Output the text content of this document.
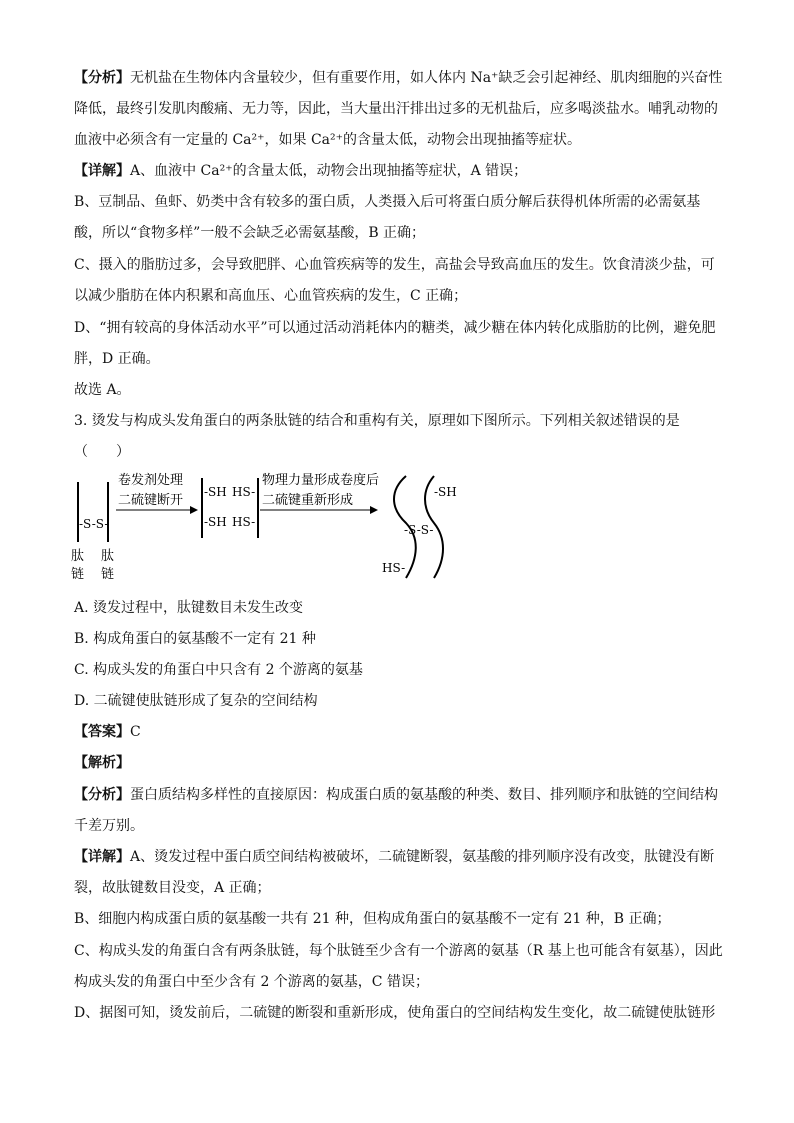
【分析】无机盐在生物体内含量较少，但有重要作用，如人体内 Na⁺缺乏会引起神经、肌肉细胞的兴奋性
降低，最终引发肌肉酸痛、无力等，因此，当大量出汗排出过多的无机盐后，应多喝淡盐水。哺乳动物的
血液中必须含有一定量的 Ca²⁺，如果 Ca²⁺的含量太低，动物会出现抽搐等症状。
【详解】A、血液中 Ca²⁺的含量太低，动物会出现抽搐等症状，A 错误；
B、豆制品、鱼虾、奶类中含有较多的蛋白质，人类摄入后可将蛋白质分解后获得机体所需的必需氨基
酸，所以“食物多样”一般不会缺乏必需氨基酸，B 正确；
C、摄入的脂肪过多，会导致肥胖、心血管疾病等的发生，高盐会导致高血压的发生。饮食清淡少盐，可
以减少脂肪在体内积累和高血压、心血管疾病的发生，C 正确；
D、“拥有较高的身体活动水平”可以通过活动消耗体内的糖类，减少糖在体内转化成脂肪的比例，避免肥
胖，D 正确。
故选 A。
3. 烫发与构成头发角蛋白的两条肽链的结合和重构有关，原理如下图所示。下列相关叙述错误的是
（　　）
-S-S-
肽
链
肽
链
卷发剂处理
二硫键断开
-SH
-SH
HS-
HS-
物理力量形成卷度后
二硫键重新形成
-SH
-S-S-
HS-
A. 烫发过程中，肽键数目未发生改变
B. 构成角蛋白的氨基酸不一定有 21 种
C. 构成头发的角蛋白中只含有 2 个游离的氨基
D. 二硫键使肽链形成了复杂的空间结构
【答案】C
【解析】
【分析】蛋白质结构多样性的直接原因：构成蛋白质的氨基酸的种类、数目、排列顺序和肽链的空间结构
千差万别。
【详解】A、烫发过程中蛋白质空间结构被破坏，二硫键断裂，氨基酸的排列顺序没有改变，肽键没有断
裂，故肽键数目没变，A 正确；
B、细胞内构成蛋白质的氨基酸一共有 21 种，但构成角蛋白的氨基酸不一定有 21 种，B 正确；
C、构成头发的角蛋白含有两条肽链，每个肽链至少含有一个游离的氨基（R 基上也可能含有氨基），因此
构成头发的角蛋白中至少含有 2 个游离的氨基，C 错误；
D、据图可知，烫发前后，二硫键的断裂和重新形成，使角蛋白的空间结构发生变化，故二硫键使肽链形
